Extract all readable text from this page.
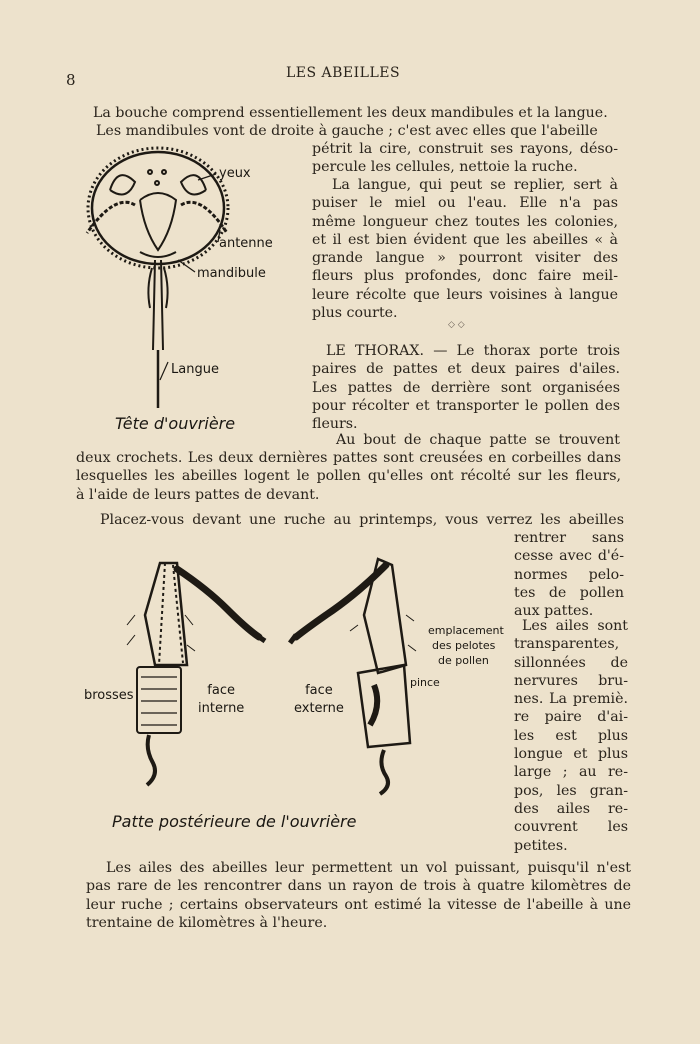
8	LES ABEILLES
La bouche comprend essentiellement les deux mandibules et la langue.
Les mandibules vont de droite à gauche ; c'est avec elles que l'abeille
pétrit la cire, construit ses rayons, déso-
percule les cellules, nettoie la ruche.
La langue, qui peut se replier, sert à
puiser le miel ou l'eau. Elle n'a pas
même longueur chez toutes les colonies,
et il est bien évident que les abeilles « à
grande langue » pourront visiter des
fleurs plus profondes, donc faire meil-
leure récolte que leurs voisines à langue
plus courte.
◇ ◇
LE THORAX. — Le thorax porte trois
paires de pattes et deux paires d'ailes.
Les pattes de derrière sont organisées
pour récolter et transporter le pollen des
fleurs.
Au bout de chaque patte se trouvent
deux crochets. Les deux dernières pattes sont creusées en corbeilles dans
lesquelles les abeilles logent le pollen qu'elles ont récolté sur les fleurs,
à l'aide de leurs pattes de devant.
Placez-vous devant une ruche au printemps, vous verrez les abeilles
rentrer sans
cesse avec d'é-
normes pelo-
tes de pollen
aux pattes.
Les ailes sont
transparentes,
sillonnées de
nervures bru-
nes. La premiè.
re paire d'ai-
les est plus
longue et plus
large ; au re-
pos, les gran-
des ailes re-
couvrent les
petites.
Les ailes des abeilles leur permettent un vol puissant, puisqu'il n'est
pas rare de les rencontrer dans un rayon de trois à quatre kilomètres de
leur ruche ; certains observateurs ont estimé la vitesse de l'abeille à une
trentaine de kilomètres à l'heure.
yeux
antenne
mandibule
Langue
Tête d'ouvrière
emplacement
des pelotes
de pollen
pince
brosses	face
interne
face
externe
Patte postérieure de l'ouvrière
